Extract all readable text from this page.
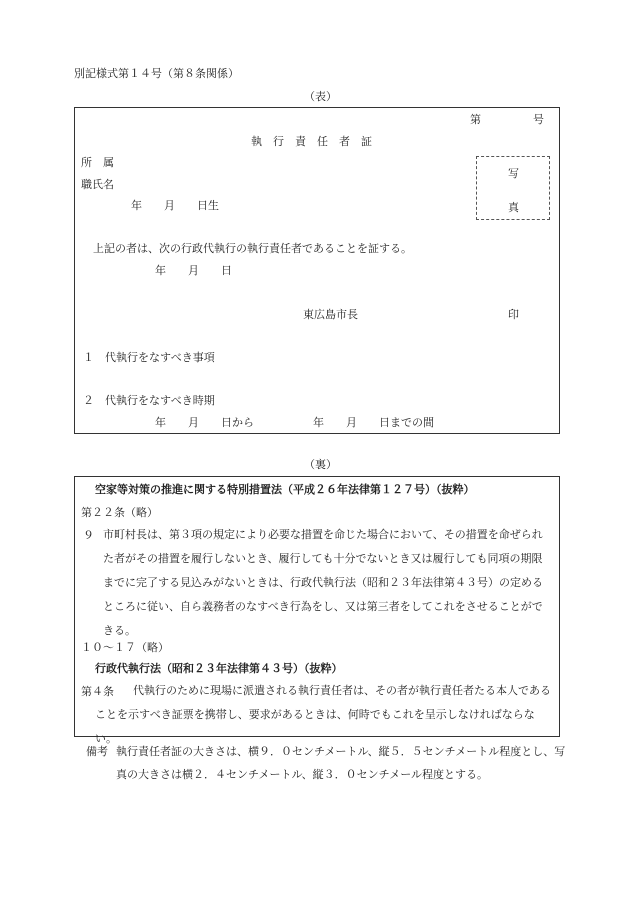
別記様式第１４号（第８条関係）
（表）
第	号
執　行　責　任　者　証
所　属
職氏名
年　　月　　日生
写
真
上記の者は、次の行政代執行の執行責任者であることを証する。
年　　月　　日
東広島市長	印
１　代執行をなすべき事項
２　代執行をなすべき時期
年　　月　　日から	年　　月　　日までの間
（裏）
空家等対策の推進に関する特別措置法（平成２６年法律第１２７号）（抜粋）
第２２条（略）
９ 市町村長は、第３項の規定により必要な措置を命じた場合において、その措置を命ぜられた者がその措置を履行しないとき、履行しても十分でないとき又は履行しても同項の期限までに完了する見込みがないときは、行政代執行法（昭和２３年法律第４３号）の定めるところに従い、自ら義務者のなすべき行為をし、又は第三者をしてこれをさせることができる。
１０～１７（略）
行政代執行法（昭和２３年法律第４３号）（抜粋）
第４条	代執行のために現場に派遣される執行責任者は、その者が執行責任者たる本人であることを示すべき証票を携帯し、要求があるときは、何時でもこれを呈示しなければならない。
備考 執行責任者証の大きさは、横９．０センチメートル、縦５．５センチメートル程度とし、写真の大きさは横２．４センチメートル、縦３．０センチメール程度とする。
